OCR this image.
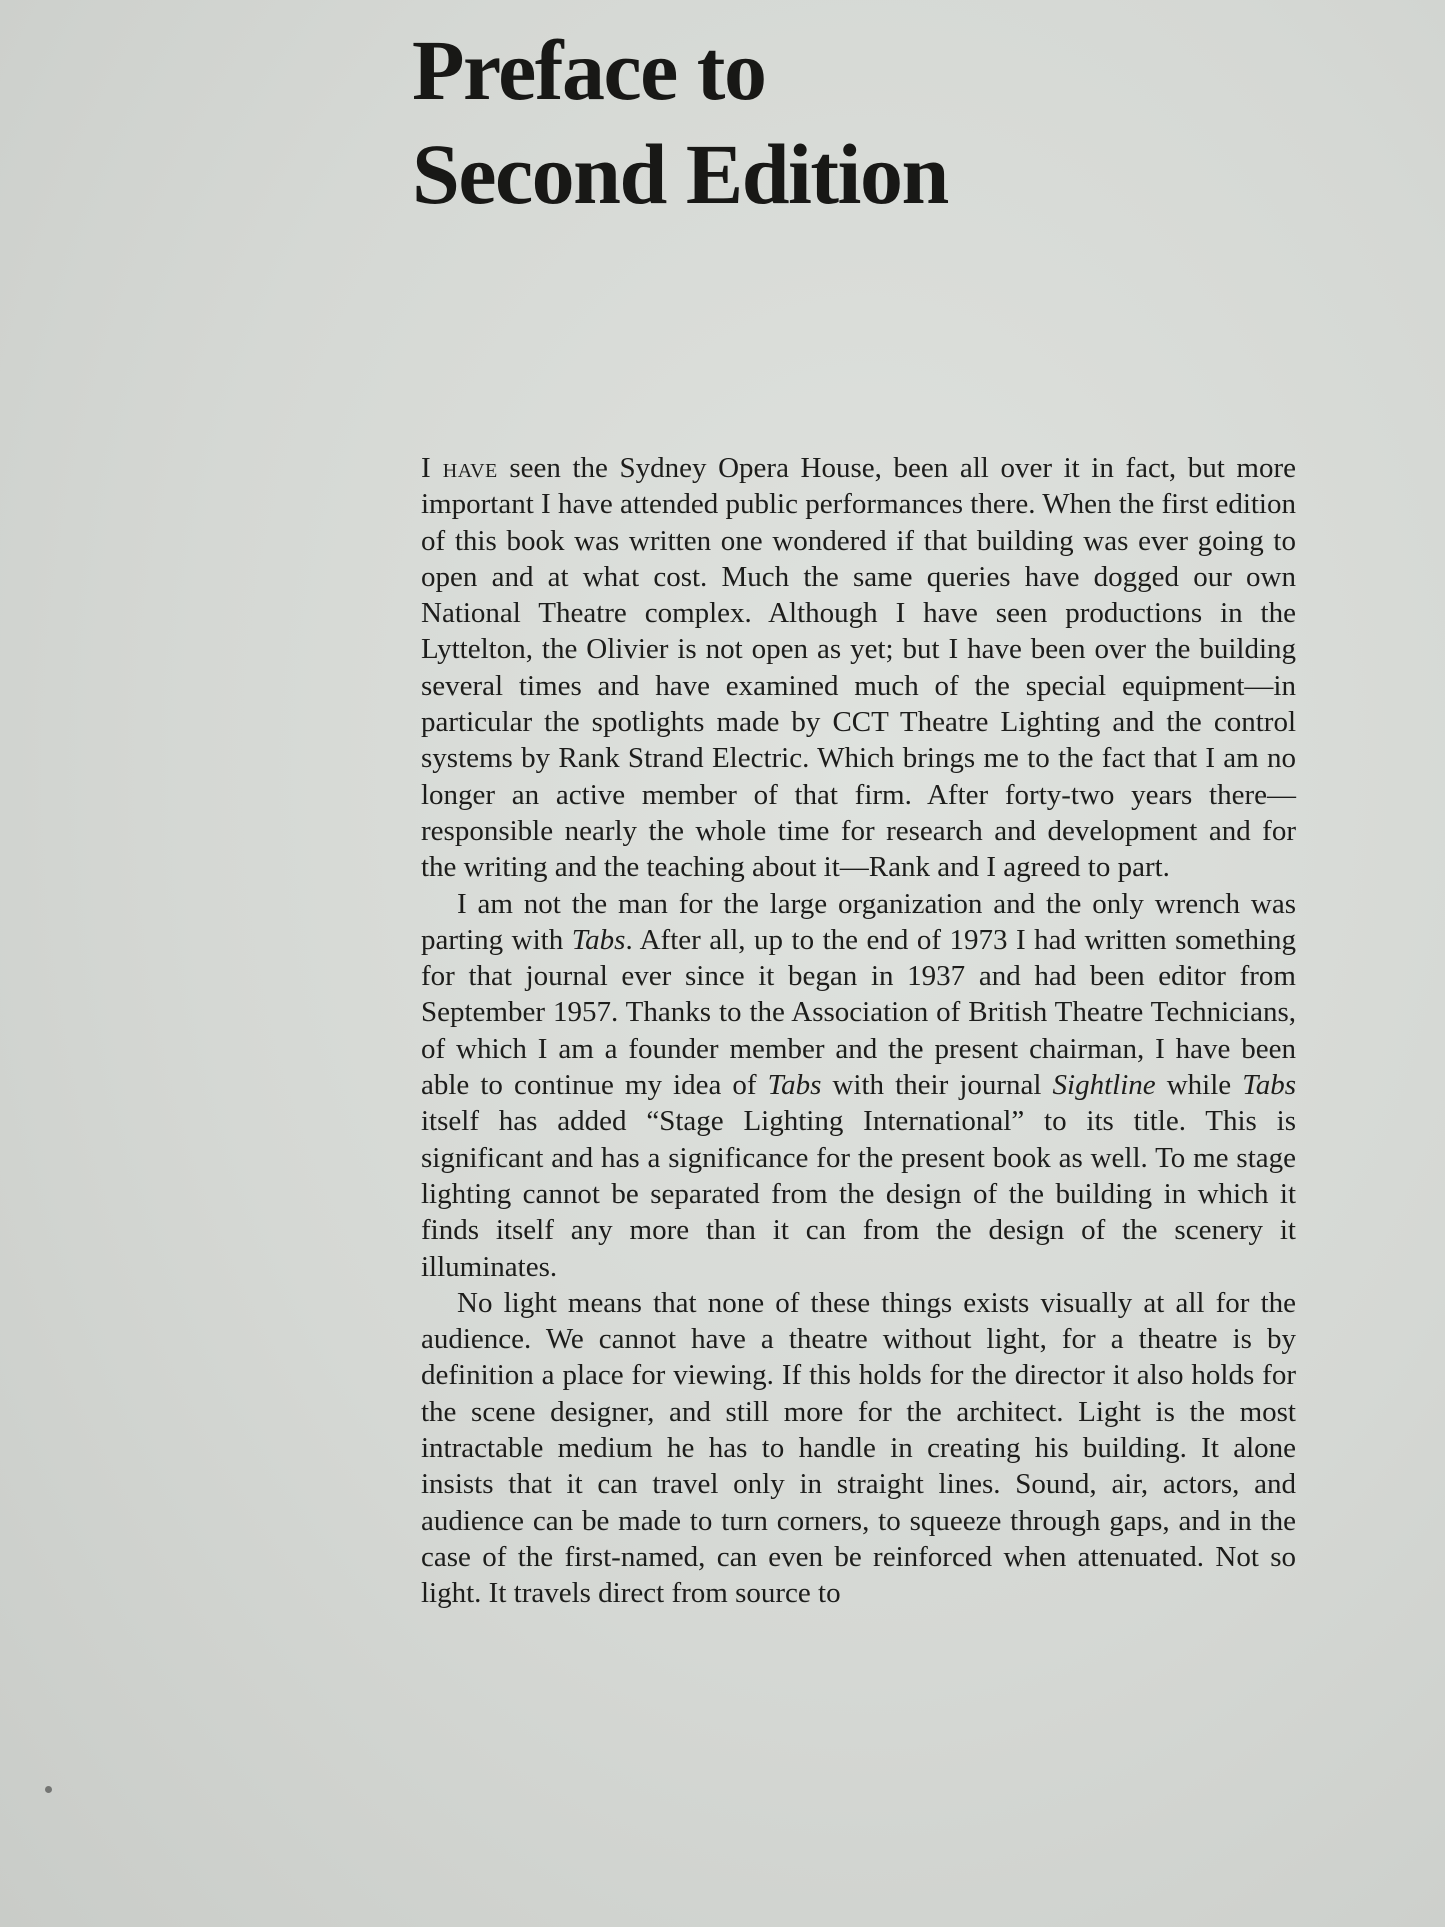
Preface to
Second Edition

I have seen the Sydney Opera House, been all over it in fact, but more important I have attended public performances there. When the first edition of this book was written one wondered if that building was ever going to open and at what cost. Much the same queries have dogged our own National Theatre complex. Although I have seen productions in the Lyttelton, the Olivier is not open as yet; but I have been over the building several times and have examined much of the special equipment—in particular the spotlights made by CCT Theatre Lighting and the control systems by Rank Strand Electric. Which brings me to the fact that I am no longer an active member of that firm. After forty-two years there—responsible nearly the whole time for research and development and for the writing and the teaching about it—Rank and I agreed to part.

I am not the man for the large organization and the only wrench was parting with Tabs. After all, up to the end of 1973 I had written something for that journal ever since it began in 1937 and had been editor from September 1957. Thanks to the Association of British Theatre Technicians, of which I am a founder member and the present chairman, I have been able to continue my idea of Tabs with their journal Sightline while Tabs itself has added “Stage Lighting International” to its title. This is significant and has a significance for the present book as well. To me stage lighting cannot be separated from the design of the building in which it finds itself any more than it can from the design of the scenery it illuminates.

No light means that none of these things exists visually at all for the audience. We cannot have a theatre without light, for a theatre is by definition a place for viewing. If this holds for the director it also holds for the scene designer, and still more for the architect. Light is the most intractable medium he has to handle in creating his building. It alone insists that it can travel only in straight lines. Sound, air, actors, and audience can be made to turn corners, to squeeze through gaps, and in the case of the first-named, can even be reinforced when attenuated. Not so light. It travels direct from source to
